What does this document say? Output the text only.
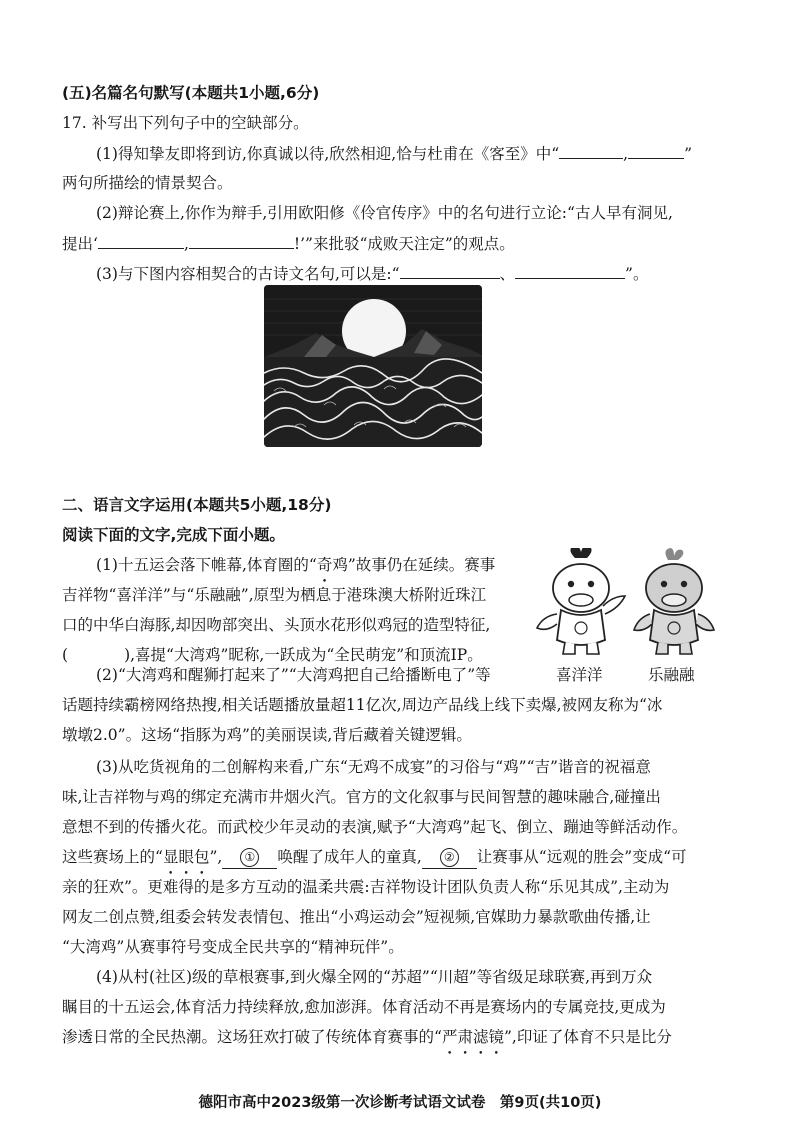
(五)名篇名句默写(本题共1小题,6分)
17. 补写出下列句子中的空缺部分。
(1)得知挚友即将到访,你真诚以待,欣然相迎,恰与杜甫在《客至》中“	,	”
两句所描绘的情景契合。
(2)辩论赛上,你作为辩手,引用欧阳修《伶官传序》中的名句进行立论:“古人早有洞见,
提出‘	,	!’”来批驳“成败天注定”的观点。
(3)与下图内容相契合的古诗文名句,可以是:“	、	”。
二、语言文字运用(本题共5小题,18分)
阅读下面的文字,完成下面小题。
(1)十五运会落下帷幕,体育圈的“奇鸡”故事仍在延续。赛事
吉祥物“喜洋洋”与“乐融融”,原型为栖息于港珠澳大桥附近珠江
口的中华白海豚,却因吻部突出、头顶水花形似鸡冠的造型特征,
(	),喜提“大湾鸡”昵称,一跃成为“全民萌宠”和顶流IP。
喜洋洋	乐融融
(2)“大湾鸡和醒狮打起来了”“大湾鸡把自己给播断电了”等
话题持续霸榜网络热搜,相关话题播放量超11亿次,周边产品线上线下卖爆,被网友称为“冰
墩墩2.0”。这场“指豚为鸡”的美丽误读,背后藏着关键逻辑。
(3)从吃货视角的二创解构来看,广东“无鸡不成宴”的习俗与“鸡”“吉”谐音的祝福意
味,让吉祥物与鸡的绑定充满市井烟火汽。官方的文化叙事与民间智慧的趣味融合,碰撞出
意想不到的传播火花。而武校少年灵动的表演,赋予“大湾鸡”起飞、倒立、蹦迪等鲜活动作。
这些赛场上的“显眼包”, ① 唤醒了成年人的童真, ② 让赛事从“远观的胜会”变成“可
亲的狂欢”。更难得的是多方互动的温柔共震:吉祥物设计团队负责人称“乐见其成”,主动为
网友二创点赞,组委会转发表情包、推出“小鸡运动会”短视频,官媒助力暴款歌曲传播,让
“大湾鸡”从赛事符号变成全民共享的“精神玩伴”。
(4)从村(社区)级的草根赛事,到火爆全网的“苏超”“川超”等省级足球联赛,再到万众
瞩目的十五运会,体育活力持续释放,愈加澎湃。体育活动不再是赛场内的专属竞技,更成为
渗透日常的全民热潮。这场狂欢打破了传统体育赛事的“严肃滤镜”,印证了体育不只是比分
德阳市高中2023级第一次诊断考试语文试卷　第9页(共10页)
